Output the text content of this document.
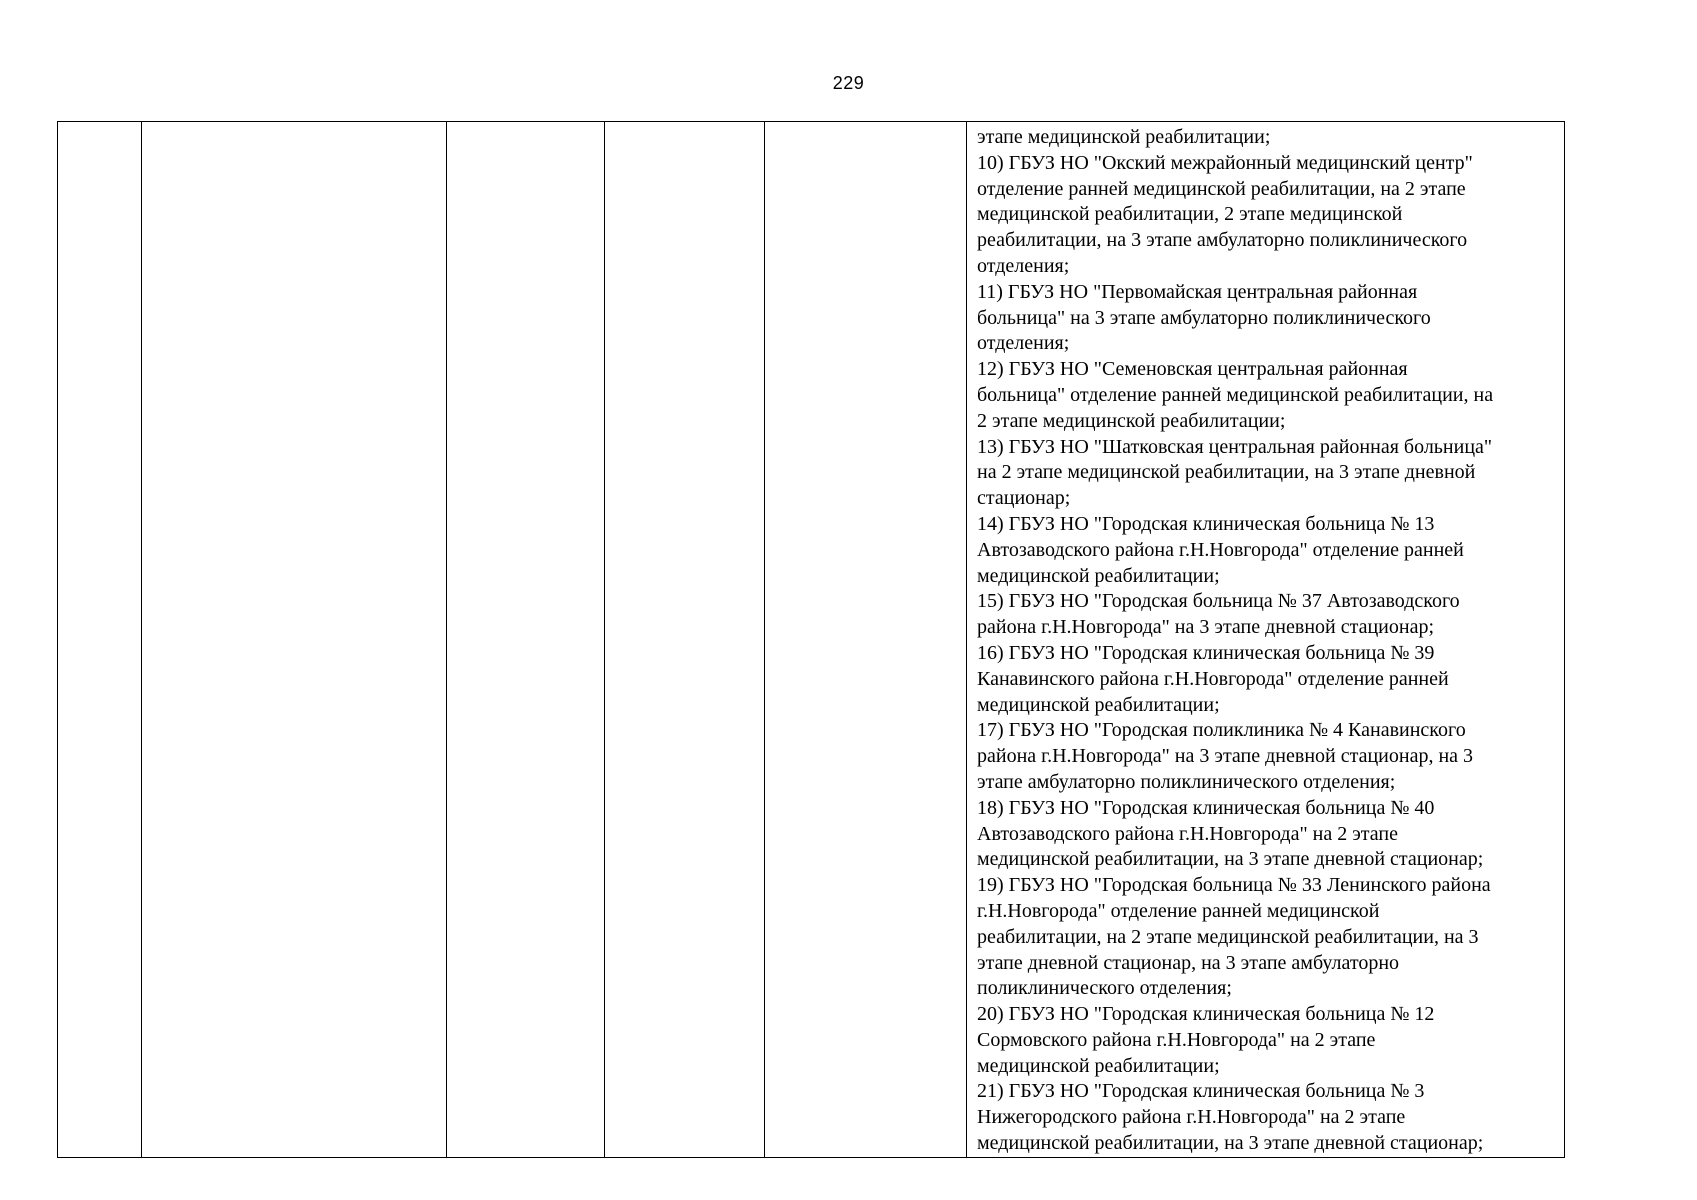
229

этапе медицинской реабилитации;

10) ГБУЗ НО "Окский межрайонный медицинский центр"
отделение ранней медицинской реабилитации, на 2 этапе
медицинской реабилитации, 2 этапе медицинской
реабилитации, на 3 этапе амбулаторно поликлинического
отделения;

11) ГБУЗ НО "Первомайская центральная районная
больница" на 3 этапе амбулаторно поликлинического
отделения;

12) ГБУЗ НО "Семеновская центральная районная
больница" отделение ранней медицинской реабилитации, на
2 этапе медицинской реабилитации;

13) ГБУЗ НО "Шатковская центральная районная больница"
на 2 этапе медицинской реабилитации, на 3 этапе дневной
стационар;

14) ГБУЗ НО "Городская клиническая больница № 13
Автозаводского района г.Н.Новгорода" отделение ранней
медицинской реабилитации;

15) ГБУЗ НО "Городская больница № 37 Автозаводского
района г.Н.Новгорода" на 3 этапе дневной стационар;

16) ГБУЗ НО "Городская клиническая больница № 39
Канавинского района г.Н.Новгорода" отделение ранней
медицинской реабилитации;

17) ГБУЗ НО "Городская поликлиника № 4 Канавинского
района г.Н.Новгорода" на 3 этапе дневной стационар, на 3
этапе амбулаторно поликлинического отделения;

18) ГБУЗ НО "Городская клиническая больница № 40
Автозаводского района г.Н.Новгорода" на 2 этапе
медицинской реабилитации, на 3 этапе дневной стационар;

19) ГБУЗ НО "Городская больница № 33 Ленинского района
г.Н.Новгорода" отделение ранней медицинской
реабилитации, на 2 этапе медицинской реабилитации, на 3
этапе дневной стационар, на 3 этапе амбулаторно
поликлинического отделения;

20) ГБУЗ НО "Городская клиническая больница № 12
Сормовского района г.Н.Новгорода" на 2 этапе
медицинской реабилитации;

21) ГБУЗ НО "Городская клиническая больница № 3
Нижегородского района г.Н.Новгорода" на 2 этапе
медицинской реабилитации, на 3 этапе дневной стационар;
